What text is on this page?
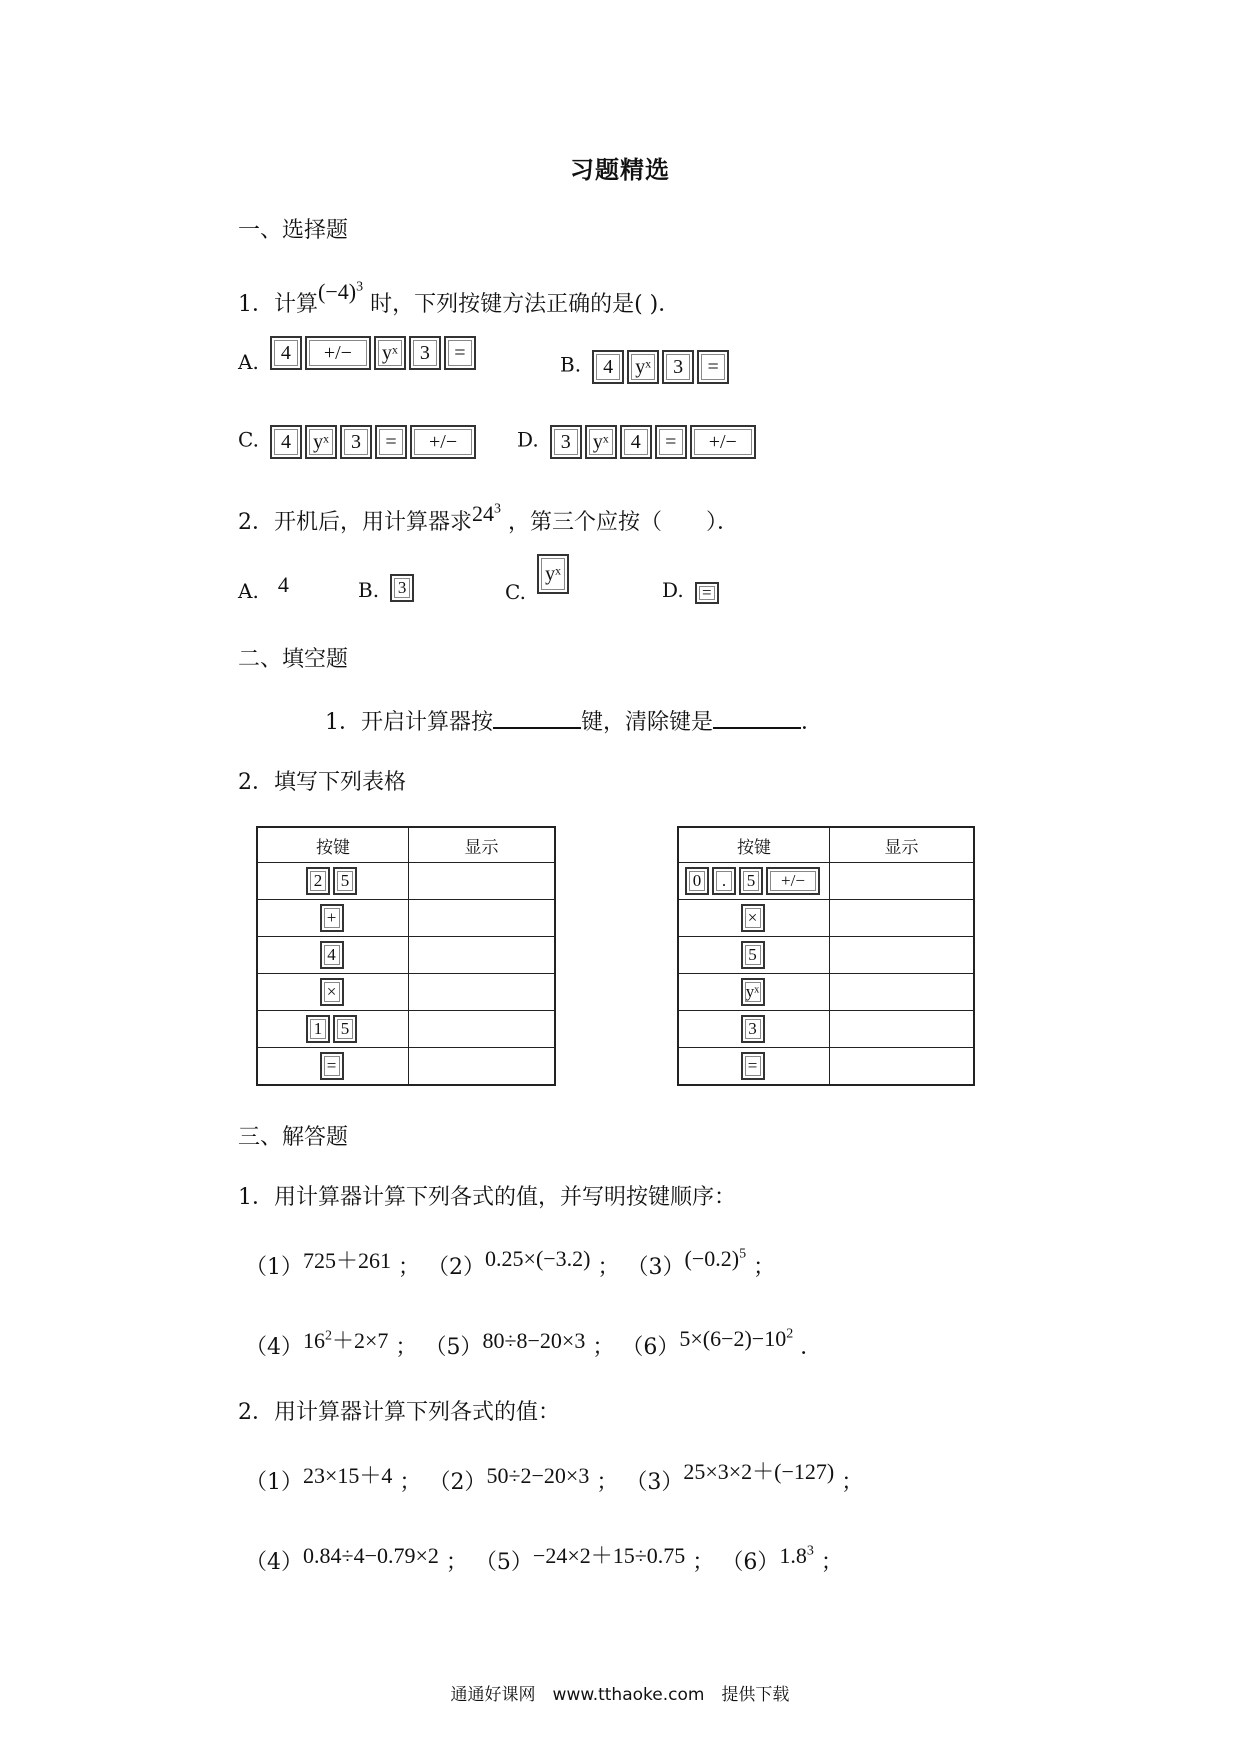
习题精选
一、选择题
1．计算$(-4)^3$ 时，下列按键方法正确的是( )．
A. 4 +/− yˣ 3 =	B. 4 yˣ 3 =
C. 4 yˣ 3 = +/−	D. 3 yˣ 4 = +/−
2．开机后，用计算器求$24^3$ ，第三个应按（　　）．
A. 4	B. 3	C. yˣ
D. =
二、填空题
1．开启计算器按	键，清除键是	．
2．填写下列表格
按键	显示
2 5	
+	
4	
×	
1 5	
=	
按键	显示
0 . 5 +/−	
×	
5	
yˣ	
3	
=	
三、解答题
1．用计算器计算下列各式的值，并写明按键顺序：
（1）725＋261 ； （2）0.25×(−3.2) ； $(3)(-0.2)^5$ ；
$(4)16^2+2\times 7$ ； （5）80÷8−20×3 ； $(6)5\times(6-2)-10^2$ ．
2．用计算器计算下列各式的值：
（1）23×15＋4 ； （2）50÷2−20×3 ； （3）25×3×2＋(−127) ；
（4）0.84÷4−0.79×2 ； （5）−24×2＋15÷0.75 ； $(6)1.8^3$ ；
通通好课网　www.tthaoke.com　提供下载
